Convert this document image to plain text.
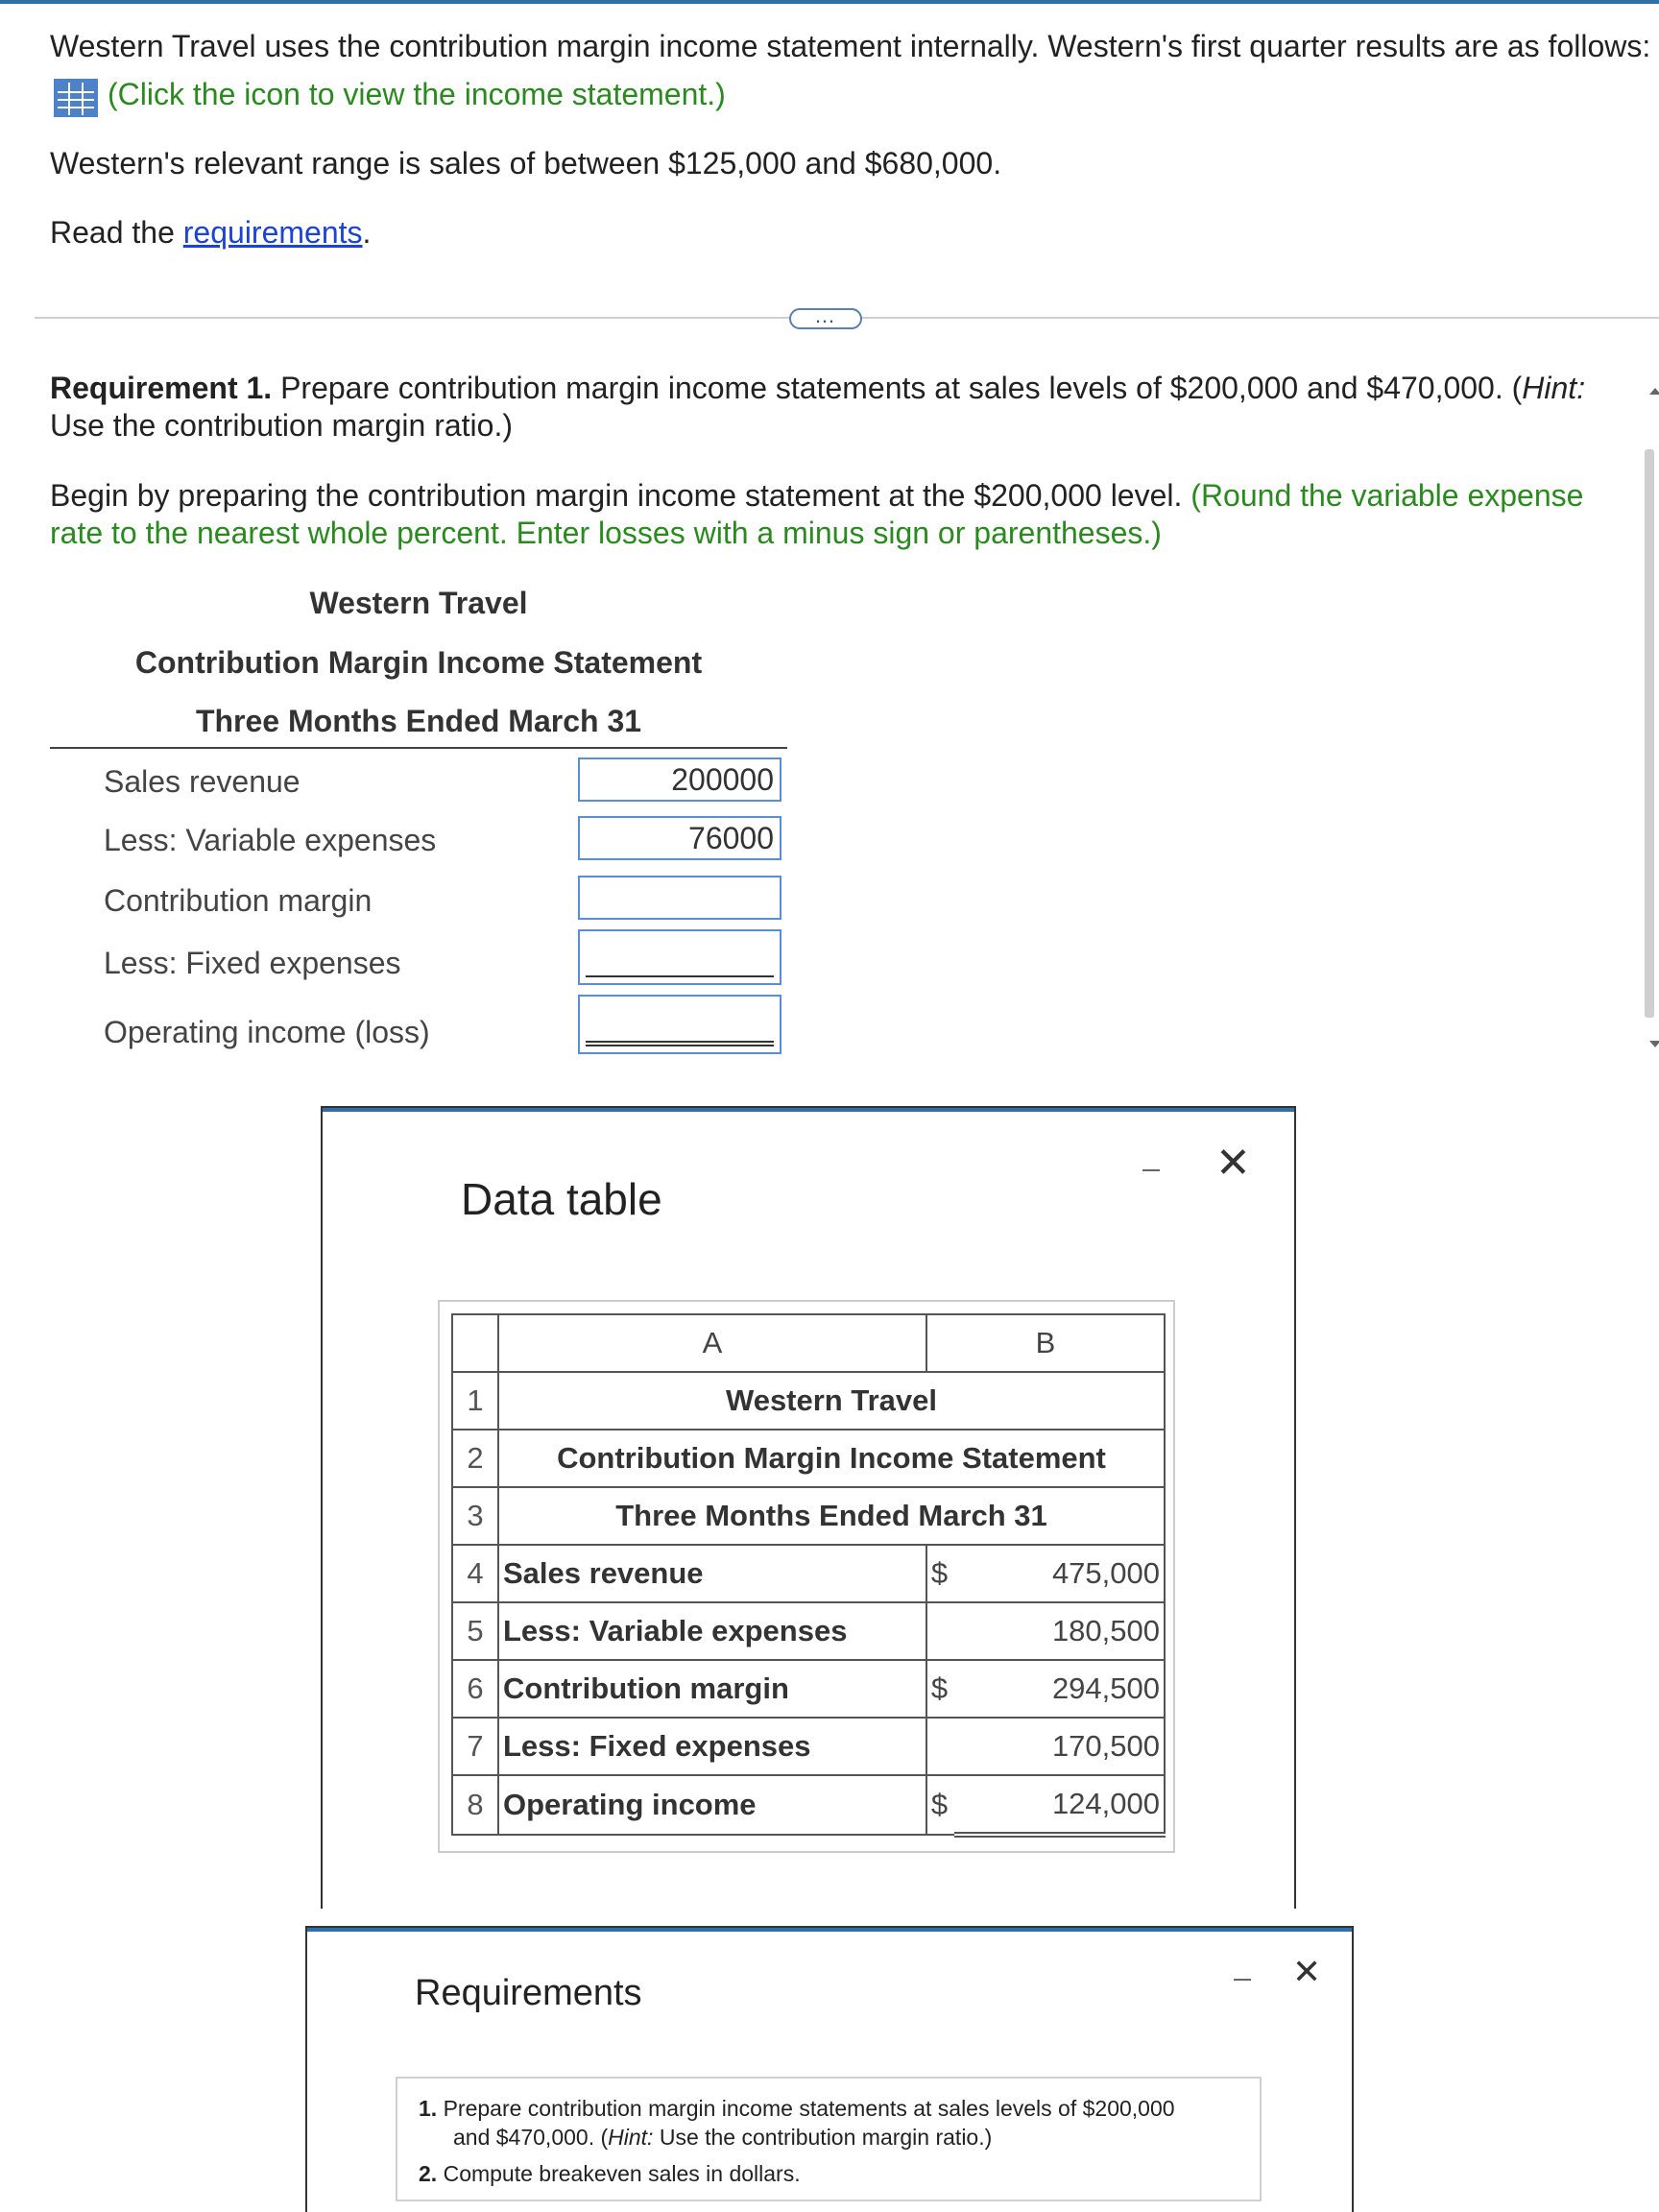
Western Travel uses the contribution margin income statement internally. Western's first quarter results are as follows:
(Click the icon to view the income statement.)
Western's relevant range is sales of between $125,000 and $680,000.
Read the requirements.
…
Requirement 1. Prepare contribution margin income statements at sales levels of $200,000 and $470,000. (Hint:
Use the contribution margin ratio.)
Begin by preparing the contribution margin income statement at the $200,000 level. (Round the variable expense
rate to the nearest whole percent. Enter losses with a minus sign or parentheses.)
Western Travel
Contribution Margin Income Statement
Three Months Ended March 31
Sales revenue	200000
Less: Variable expenses	76000
Contribution margin
Less: Fixed expenses
Operating income (loss)
Data table
✕
	A	B	
1	Western Travel		
2	Contribution Margin Income Statement		
3	Three Months Ended March 31		
4	Sales revenue	$	475,000
5	Less: Variable expenses		180,500
6	Contribution margin	$	294,500
7	Less: Fixed expenses		170,500
8	Operating income	$	124,000
Requirements
✕
1. Prepare contribution margin income statements at sales levels of $200,000
and $470,000. (Hint: Use the contribution margin ratio.)
2. Compute breakeven sales in dollars.
